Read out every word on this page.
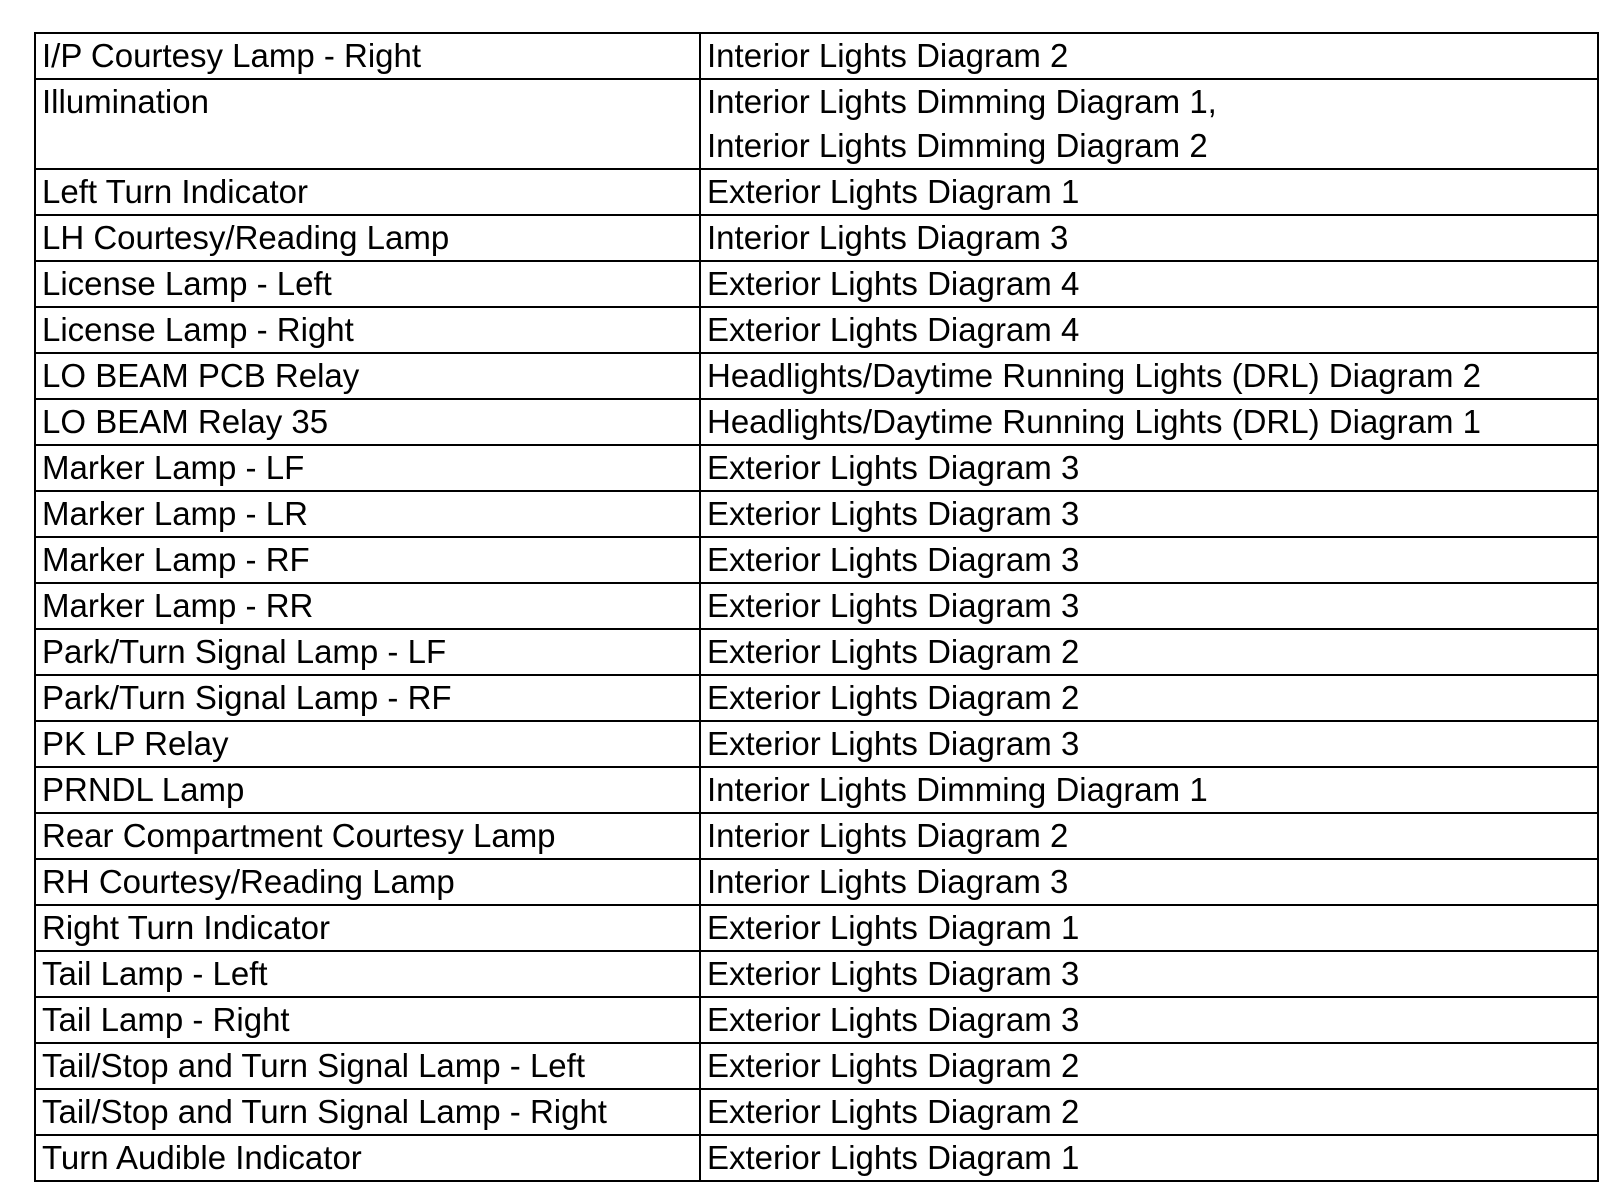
I/P Courtesy Lamp - Right	Interior Lights Diagram 2

Illumination	Interior Lights Dimming Diagram 1,
Interior Lights Dimming Diagram 2

Left Turn Indicator	Exterior Lights Diagram 1

LH Courtesy/Reading Lamp	Interior Lights Diagram 3

License Lamp - Left	Exterior Lights Diagram 4

License Lamp - Right	Exterior Lights Diagram 4

LO BEAM PCB Relay	Headlights/Daytime Running Lights (DRL) Diagram 2

LO BEAM Relay 35	Headlights/Daytime Running Lights (DRL) Diagram 1

Marker Lamp - LF	Exterior Lights Diagram 3

Marker Lamp - LR	Exterior Lights Diagram 3

Marker Lamp - RF	Exterior Lights Diagram 3

Marker Lamp - RR	Exterior Lights Diagram 3

Park/Turn Signal Lamp - LF	Exterior Lights Diagram 2

Park/Turn Signal Lamp - RF	Exterior Lights Diagram 2

PK LP Relay	Exterior Lights Diagram 3

PRNDL Lamp	Interior Lights Dimming Diagram 1

Rear Compartment Courtesy Lamp	Interior Lights Diagram 2

RH Courtesy/Reading Lamp	Interior Lights Diagram 3

Right Turn Indicator	Exterior Lights Diagram 1

Tail Lamp - Left	Exterior Lights Diagram 3

Tail Lamp - Right	Exterior Lights Diagram 3

Tail/Stop and Turn Signal Lamp - Left	Exterior Lights Diagram 2

Tail/Stop and Turn Signal Lamp - Right	Exterior Lights Diagram 2

Turn Audible Indicator	Exterior Lights Diagram 1
